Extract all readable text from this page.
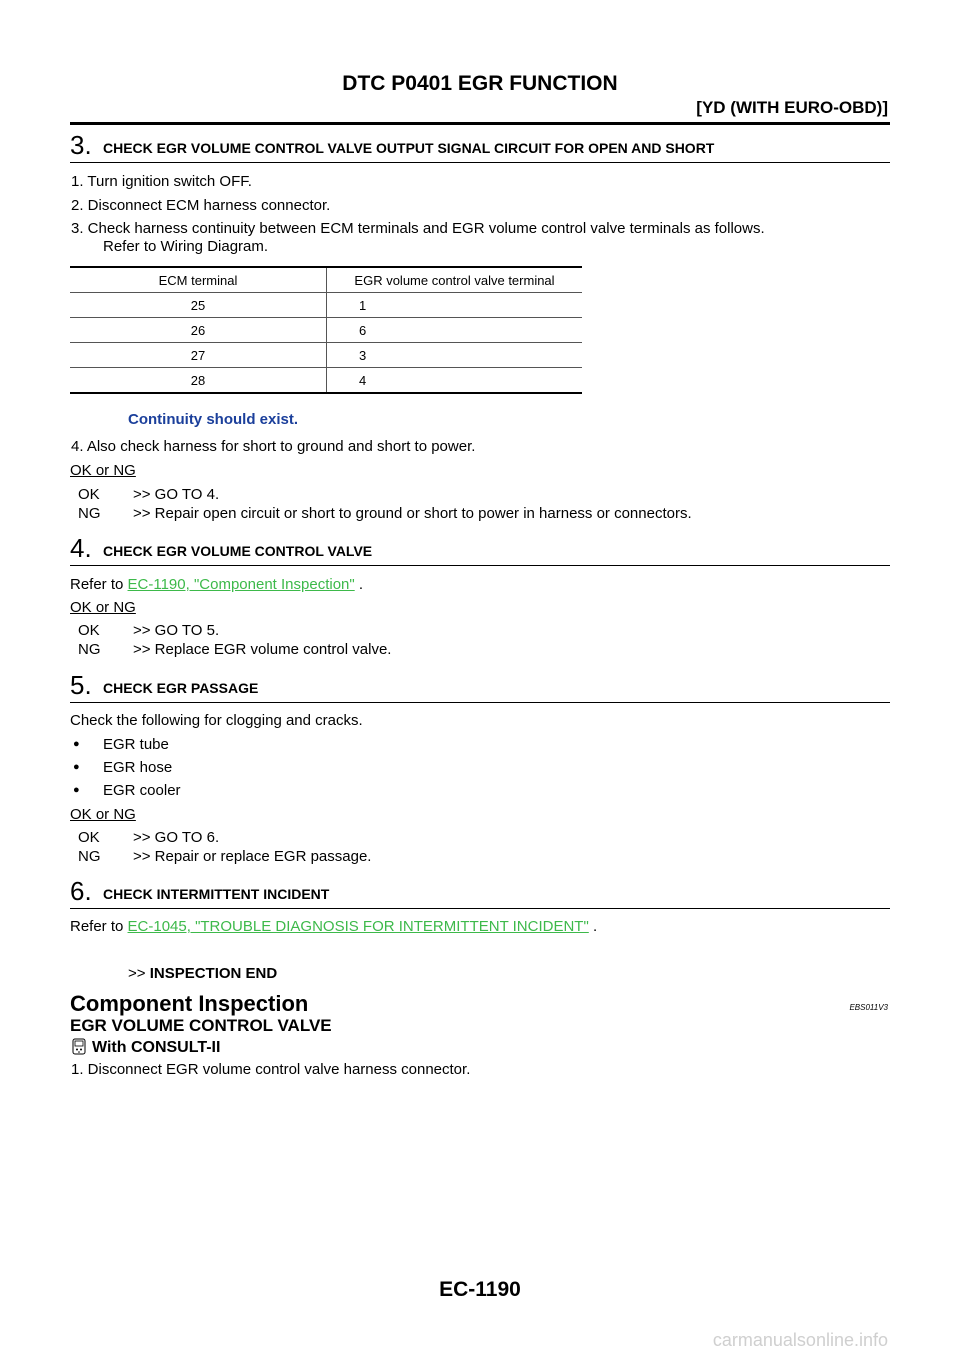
DTC P0401 EGR FUNCTION
[YD (WITH EURO-OBD)]
3. CHECK EGR VOLUME CONTROL VALVE OUTPUT SIGNAL CIRCUIT FOR OPEN AND SHORT
1. Turn ignition switch OFF.
2. Disconnect ECM harness connector.
3. Check harness continuity between ECM terminals and EGR volume control valve terminals as follows.
Refer to Wiring Diagram.
ECM terminal	EGR volume control valve terminal
25	1
26	6
27	3
28	4
Continuity should exist.
4. Also check harness for short to ground and short to power.
OK or NG
OK >> GO TO 4.
NG >> Repair open circuit or short to ground or short to power in harness or connectors.
4. CHECK EGR VOLUME CONTROL VALVE
Refer to EC-1190, "Component Inspection" .
OK or NG
OK >> GO TO 5.
NG >> Replace EGR volume control valve.
5. CHECK EGR PASSAGE
Check the following for clogging and cracks.
● EGR tube
● EGR hose
● EGR cooler
OK or NG
OK >> GO TO 6.
NG >> Repair or replace EGR passage.
6. CHECK INTERMITTENT INCIDENT
Refer to EC-1045, "TROUBLE DIAGNOSIS FOR INTERMITTENT INCIDENT" .
>> INSPECTION END
Component Inspection	EBS011V3
EGR VOLUME CONTROL VALVE
With CONSULT-II
1. Disconnect EGR volume control valve harness connector.
EC-1190
carmanualsonline.info
